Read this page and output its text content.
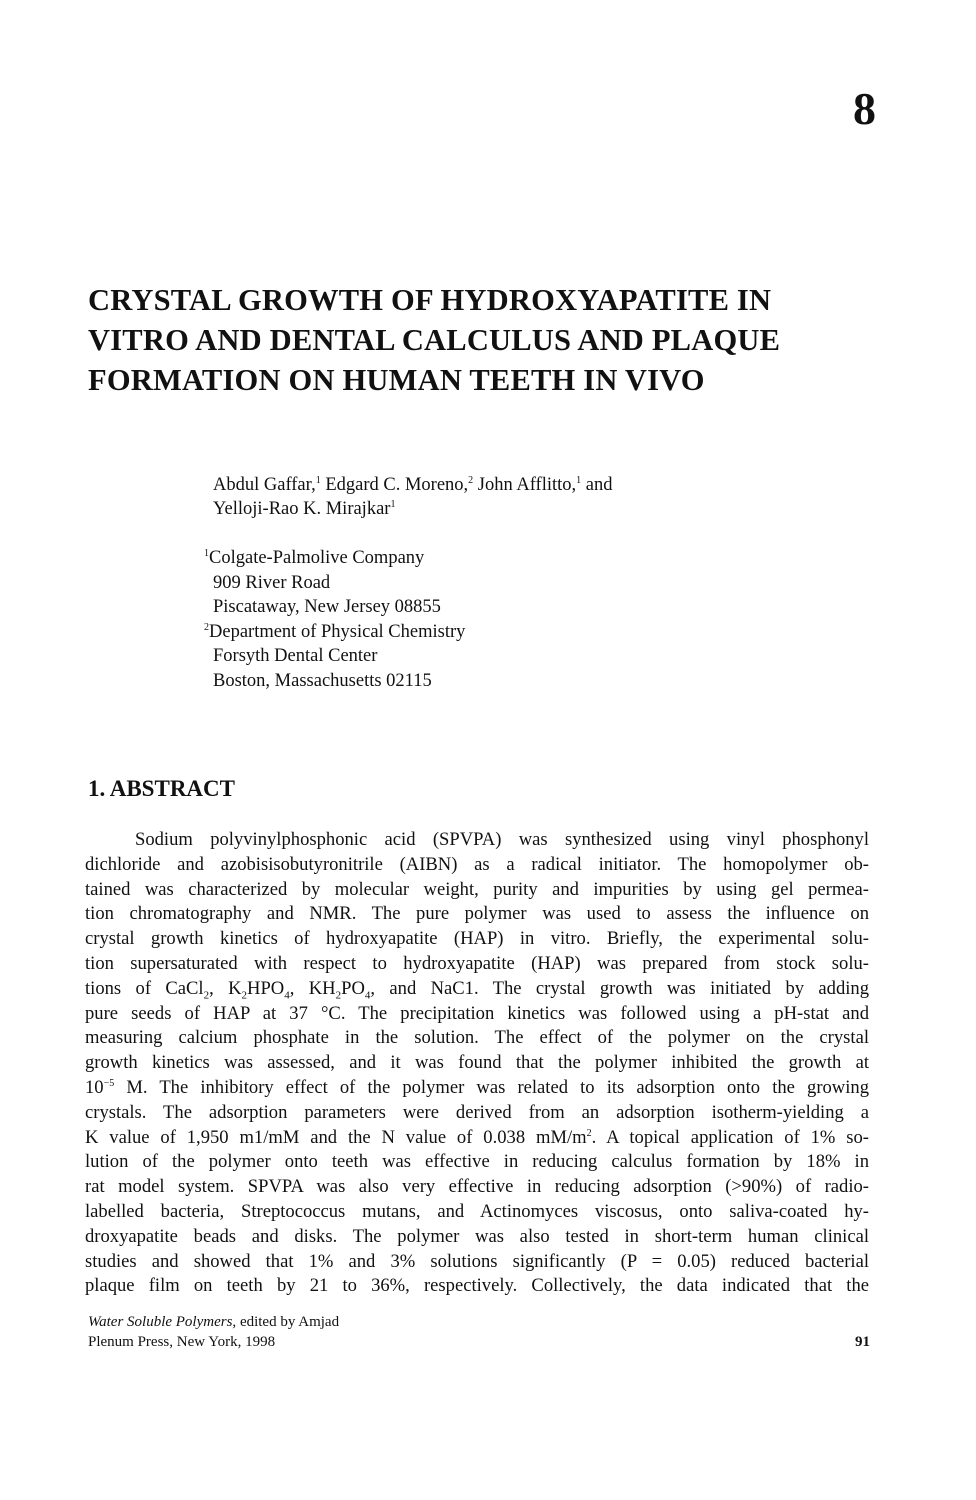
8
CRYSTAL GROWTH OF HYDROXYAPATITE IN
VITRO AND DENTAL CALCULUS AND PLAQUE
FORMATION ON HUMAN TEETH IN VIVO
Abdul Gaffar,$^1$ Edgard C. Moreno,$^2$ John Afflitto,$^1$ and
Yelloji-Rao K. Mirajkar$^1$
$^1$Colgate-Palmolive Company
909 River Road
Piscataway, New Jersey 08855
$^2$Department of Physical Chemistry
Forsyth Dental Center
Boston, Massachusetts 02115
1. ABSTRACT
Sodium polyvinylphosphonic acid (SPVPA) was synthesized using vinyl phosphonyl
dichloride and azobisisobutyronitrile (AIBN) as a radical initiator. The homopolymer ob-
tained was characterized by molecular weight, purity and impurities by using gel permea-
tion chromatography and NMR. The pure polymer was used to assess the influence on
crystal growth kinetics of hydroxyapatite (HAP) in vitro. Briefly, the experimental solu-
tion supersaturated with respect to hydroxyapatite (HAP) was prepared from stock solu-
tions of CaCl$_2$, $K_2HPO_4$, $KH_2PO_4$, and NaC1. The crystal growth was initiated by adding
pure seeds of HAP at 37 °C. The precipitation kinetics was followed using a pH-stat and
measuring calcium phosphate in the solution. The effect of the polymer on the crystal
growth kinetics was assessed, and it was found that the polymer inhibited the growth at
$10^{-5}$ M. The inhibitory effect of the polymer was related to its adsorption onto the growing
crystals. The adsorption parameters were derived from an adsorption isotherm-yielding a
K value of 1,950 m1/mM and the N value of 0.038 $mM/m^2$. A topical application of 1% so-
lution of the polymer onto teeth was effective in reducing calculus formation by 18% in
rat model system. SPVPA was also very effective in reducing adsorption (>90%) of radio-
labelled bacteria, Streptococcus mutans, and Actinomyces viscosus, onto saliva-coated hy-
droxyapatite beads and disks. The polymer was also tested in short-term human clinical
studies and showed that 1% and 3% solutions significantly (P = 0.05) reduced bacterial
plaque film on teeth by 21 to 36%, respectively. Collectively, the data indicated that the
Water Soluble Polymers, edited by Amjad
Plenum Press, New York, 1998	91
